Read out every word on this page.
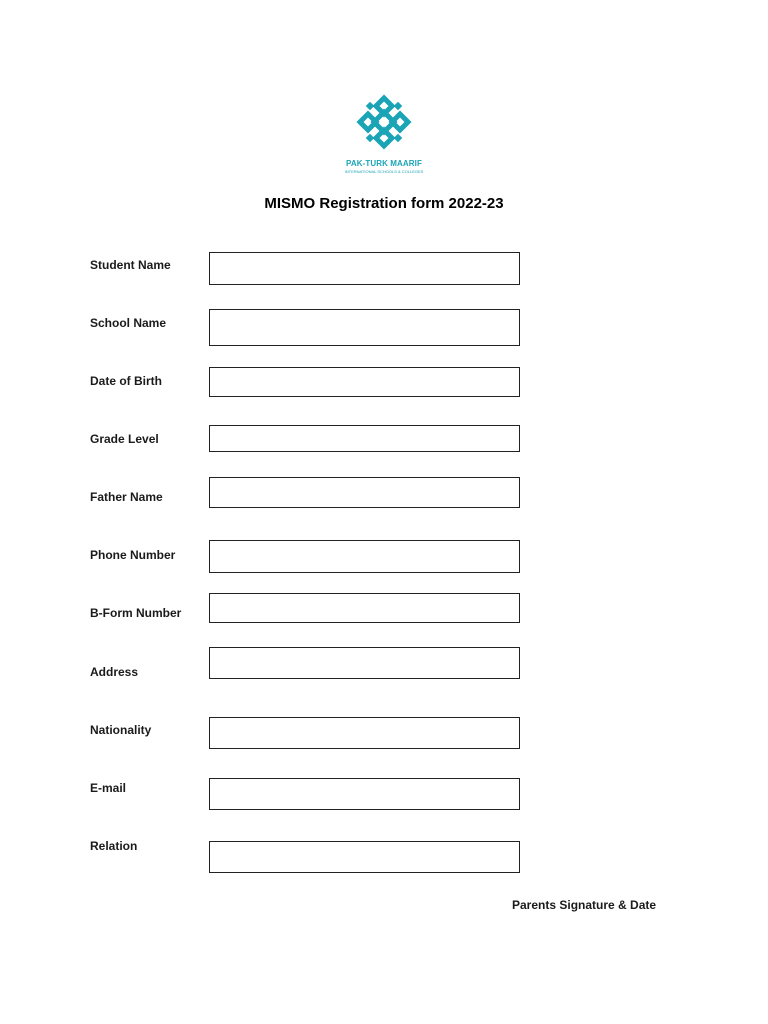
PAK-TURK MAARIF
INTERNATIONAL SCHOOLS & COLLEGES
MISMO Registration form 2022-23
Student Name
School Name
Date of Birth
Grade Level
Father Name
Phone Number
B-Form Number
Address
Nationality
E-mail
Relation
Parents Signature & Date
